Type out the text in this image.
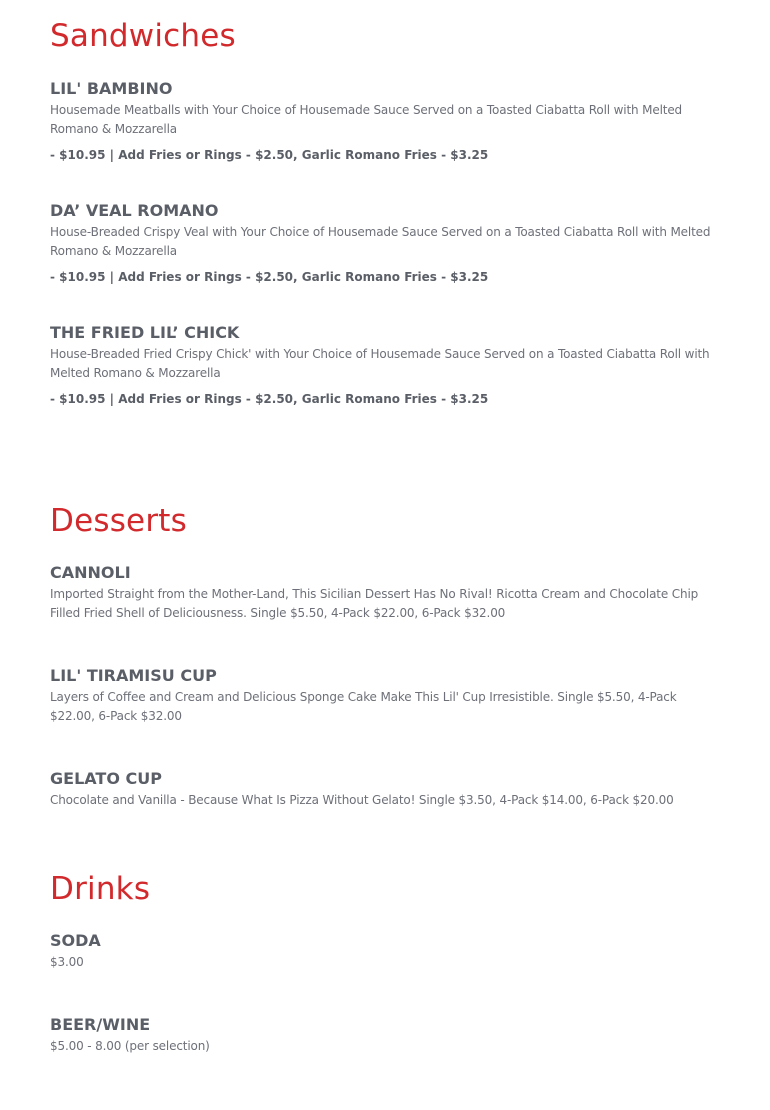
Sandwiches
LIL' BAMBINO

Housemade Meatballs with Your Choice of Housemade Sauce Served on a Toasted Ciabatta Roll with Melted Romano & Mozzarella

- $10.95 | Add Fries or Rings - $2.50, Garlic Romano Fries - $3.25

DA’ VEAL ROMANO

House-Breaded Crispy Veal with Your Choice of Housemade Sauce Served on a Toasted Ciabatta Roll with Melted Romano & Mozzarella

- $10.95 | Add Fries or Rings - $2.50, Garlic Romano Fries - $3.25

THE FRIED LIL’ CHICK

House-Breaded Fried Crispy Chick' with Your Choice of Housemade Sauce Served on a Toasted Ciabatta Roll with Melted Romano & Mozzarella

- $10.95 | Add Fries or Rings - $2.50, Garlic Romano Fries - $3.25

Desserts
CANNOLI

Imported Straight from the Mother-Land, This Sicilian Dessert Has No Rival! Ricotta Cream and Chocolate Chip Filled Fried Shell of Deliciousness. Single $5.50, 4-Pack $22.00, 6-Pack $32.00

LIL' TIRAMISU CUP

Layers of Coffee and Cream and Delicious Sponge Cake Make This Lil' Cup Irresistible. Single $5.50, 4-Pack $22.00, 6-Pack $32.00

GELATO CUP

Chocolate and Vanilla - Because What Is Pizza Without Gelato! Single $3.50, 4-Pack $14.00, 6-Pack $20.00

Drinks
SODA

$3.00

BEER/WINE

$5.00 - 8.00 (per selection)
